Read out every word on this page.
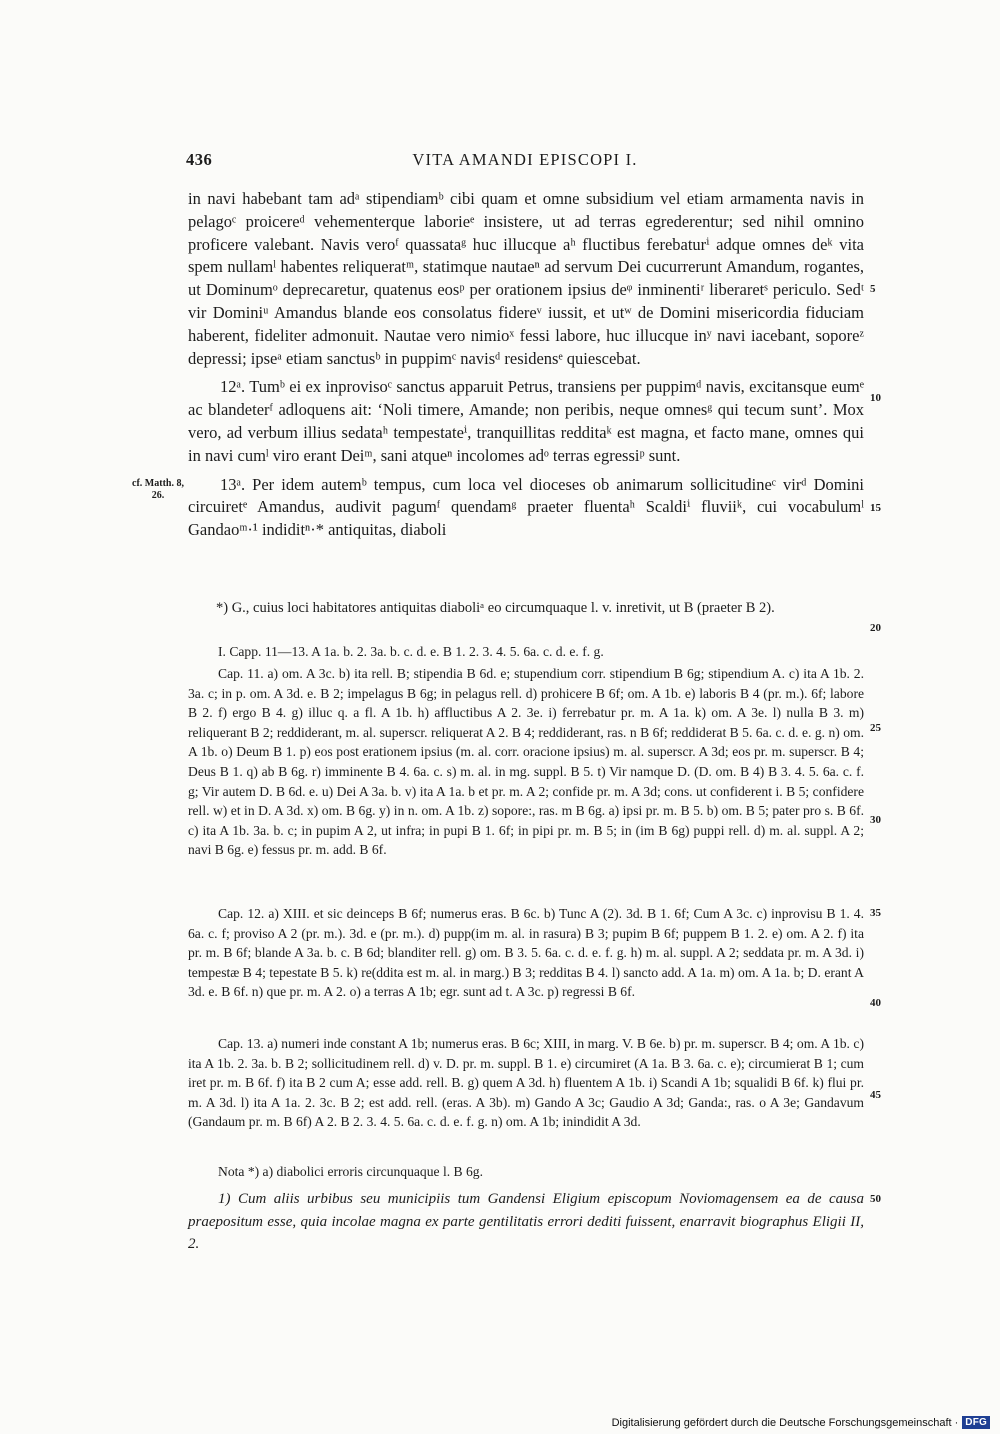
436	VITA AMANDI EPISCOPI I.

in navi habebant tam adᵃ stipendiamᵇ cibi quam et omne subsidium vel etiam armamenta navis in pelagoᶜ proicereᵈ vehementerque laborieᵉ insistere, ut ad terras egrederentur; sed nihil omnino proficere valebant. Navis veroᶠ quassataᵍ huc illucque aʰ fluctibus ferebaturⁱ adque omnes deᵏ vita spem nullamˡ habentes reliqueratᵐ, statimque nautaeⁿ ad servum Dei cucurrerunt Amandum, rogantes, ut Dominumᵒ deprecaretur, quatenus eosᵖ per orationem ipsius deᵠ inminentiʳ liberaretˢ periculo. Sedᵗ vir Dominiᵘ Amandus blande eos consolatus fidereᵛ iussit, et utʷ de Domini misericordia fiduciam haberent, fideliter admonuit. Nautae vero nimioˣ fessi labore, huc illucque inʸ navi iacebant, soporeᶻ depressi; ipseᵃ etiam sanctusᵇ in puppimᶜ navisᵈ residensᵉ quiescebat.

12ᵃ. Tumᵇ ei ex inprovisoᶜ sanctus apparuit Petrus, transiens per puppimᵈ navis, excitansque eumᵉ ac blandeterᶠ adloquens ait: ‘Noli timere, Amande; non peribis, neque omnesᵍ qui tecum sunt’. Mox vero, ad verbum illius sedataʰ tempestateⁱ, tranquillitas redditaᵏ est magna, et facto mane, omnes qui in navi cumˡ viro erant Deiᵐ, sani atqueⁿ incolomes adᵒ terras egressiᵖ sunt.

13ᵃ. Per idem autemᵇ tempus, cum loca vel dioceses ob animarum sollicitudineᶜ virᵈ Domini circuiretᵉ Amandus, audivit pagumᶠ quendamᵍ praeter fluentaʰ Scaldiⁱ fluviiᵏ, cui vocabulumˡ Gandaoᵐ·¹ indiditⁿ·* antiquitas, diaboli

cf. Matth. 8, 26.
*) G., cuius loci habitatores antiquitas diaboliᵃ eo circumquaque l. v. inretivit, ut B (praeter B 2).

I. Capp. 11—13. A 1a. b. 2. 3a. b. c. d. e. B 1. 2. 3. 4. 5. 6a. c. d. e. f. g.

Cap. 11. a) om. A 3c. b) ita rell. B; stipendia B 6d. e; stupendium corr. stipendium B 6g; stipendium A. c) ita A 1b. 2. 3a. c; in p. om. A 3d. e. B 2; impelagus B 6g; in pelagus rell. d) prohicere B 6f; om. A 1b. e) laboris B 4 (pr. m.). 6f; labore B 2. f) ergo B 4. g) illuc q. a fl. A 1b. h) affluctibus A 2. 3e. i) ferrebatur pr. m. A 1a. k) om. A 3e. l) nulla B 3. m) reliquerant B 2; reddiderant, m. al. superscr. reliquerat A 2. B 4; reddiderant, ras. n B 6f; reddiderat B 5. 6a. c. d. e. g. n) om. A 1b. o) Deum B 1. p) eos post erationem ipsius (m. al. corr. oracione ipsius) m. al. superscr. A 3d; eos pr. m. superscr. B 4; Deus B 1. q) ab B 6g. r) imminente B 4. 6a. c. s) m. al. in mg. suppl. B 5. t) Vir namque D. (D. om. B 4) B 3. 4. 5. 6a. c. f. g; Vir autem D. B 6d. e. u) Dei A 3a. b. v) ita A 1a. b et pr. m. A 2; confide pr. m. A 3d; cons. ut confiderent i. B 5; confidere rell. w) et in D. A 3d. x) om. B 6g. y) in n. om. A 1b. z) sopore:, ras. m B 6g. a) ipsi pr. m. B 5. b) om. B 5; pater pro s. B 6f. c) ita A 1b. 3a. b. c; in pupim A 2, ut infra; in pupi B 1. 6f; in pipi pr. m. B 5; in (im B 6g) puppi rell. d) m. al. suppl. A 2; navi B 6g. e) fessus pr. m. add. B 6f.

Cap. 12. a) XIII. et sic deinceps B 6f; numerus eras. B 6c. b) Tunc A (2). 3d. B 1. 6f; Cum A 3c. c) inprovisu B 1. 4. 6a. c. f; proviso A 2 (pr. m.). 3d. e (pr. m.). d) pupp(im m. al. in rasura) B 3; pupim B 6f; puppem B 1. 2. e) om. A 2. f) ita pr. m. B 6f; blande A 3a. b. c. B 6d; blanditer rell. g) om. B 3. 5. 6a. c. d. e. f. g. h) m. al. suppl. A 2; seddata pr. m. A 3d. i) tempestæ B 4; tepestate B 5. k) re(ddita est m. al. in marg.) B 3; redditas B 4. l) sancto add. A 1a. m) om. A 1a. b; D. erant A 3d. e. B 6f. n) que pr. m. A 2. o) a terras A 1b; egr. sunt ad t. A 3c. p) regressi B 6f.

Cap. 13. a) numeri inde constant A 1b; numerus eras. B 6c; XIII, in marg. V. B 6e. b) pr. m. superscr. B 4; om. A 1b. c) ita A 1b. 2. 3a. b. B 2; sollicitudinem rell. d) v. D. pr. m. suppl. B 1. e) circumiret (A 1a. B 3. 6a. c. e); circumierat B 1; cum iret pr. m. B 6f. f) ita B 2 cum A; esse add. rell. B. g) quem A 3d. h) fluentem A 1b. i) Scandi A 1b; squalidi B 6f. k) flui pr. m. A 3d. l) ita A 1a. 2. 3c. B 2; est add. rell. (eras. A 3b). m) Gando A 3c; Gaudio A 3d; Ganda:, ras. o A 3e; Gandavum (Gandaum pr. m. B 6f) A 2. B 2. 3. 4. 5. 6a. c. d. e. f. g. n) om. A 1b; inindidit A 3d.

Nota *) a) diabolici erroris circunquaque l. B 6g.

1) Cum aliis urbibus seu municipiis tum Gandensi Eligium episcopum Noviomagensem ea de causa praepositum esse, quia incolae magna ex parte gentilitatis errori dediti fuissent, enarravit biographus Eligii II, 2.

5
10
15
20
25
30
35
40
45
50
Digitalisierung gefördert durch die Deutsche Forschungsgemeinschaft · DFG
